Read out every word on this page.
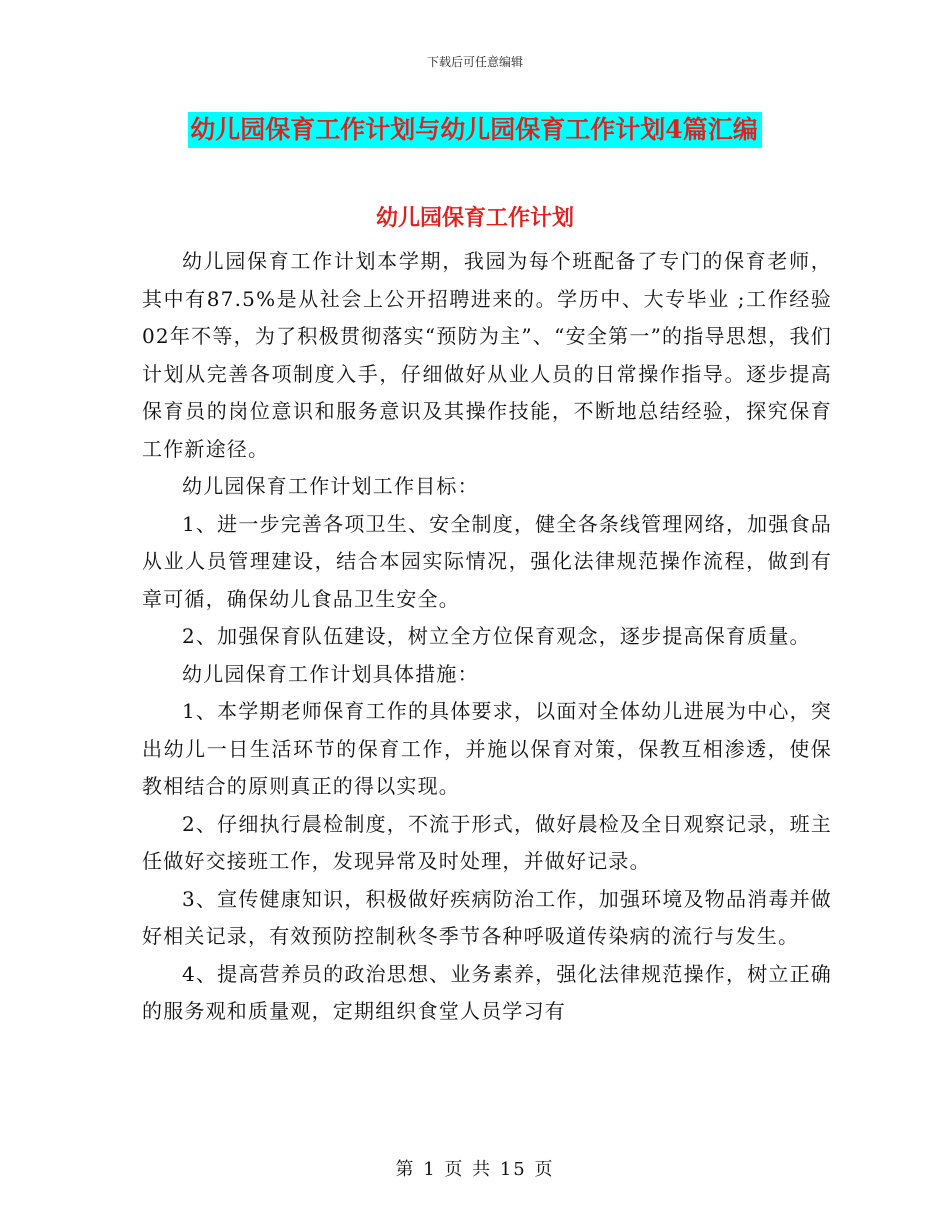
下载后可任意编辑
幼儿园保育工作计划与幼儿园保育工作计划4篇汇编
幼儿园保育工作计划

幼儿园保育工作计划本学期，我园为每个班配备了专门的保育老师，其中有87.5%是从社会上公开招聘进来的。学历中、大专毕业 ;工作经验 02年不等，为了积极贯彻落实“预防为主”、“安全第一”的指导思想，我们计划从完善各项制度入手，仔细做好从业人员的日常操作指导。逐步提高保育员的岗位意识和服务意识及其操作技能，不断地总结经验，探究保育工作新途径。

幼儿园保育工作计划工作目标：

1、进一步完善各项卫生、安全制度，健全各条线管理网络，加强食品从业人员管理建设，结合本园实际情况，强化法律规范操作流程，做到有章可循，确保幼儿食品卫生安全。

2、加强保育队伍建设，树立全方位保育观念，逐步提高保育质量。

幼儿园保育工作计划具体措施：

1、本学期老师保育工作的具体要求，以面对全体幼儿进展为中心，突出幼儿一日生活环节的保育工作，并施以保育对策，保教互相渗透，使保教相结合的原则真正的得以实现。

2、仔细执行晨检制度，不流于形式，做好晨检及全日观察记录，班主任做好交接班工作，发现异常及时处理，并做好记录。

3、宣传健康知识，积极做好疾病防治工作，加强环境及物品消毒并做好相关记录，有效预防控制秋冬季节各种呼吸道传染病的流行与发生。

4、提高营养员的政治思想、业务素养，强化法律规范操作，树立正确的服务观和质量观，定期组织食堂人员学习有

第 1 页 共 15 页
